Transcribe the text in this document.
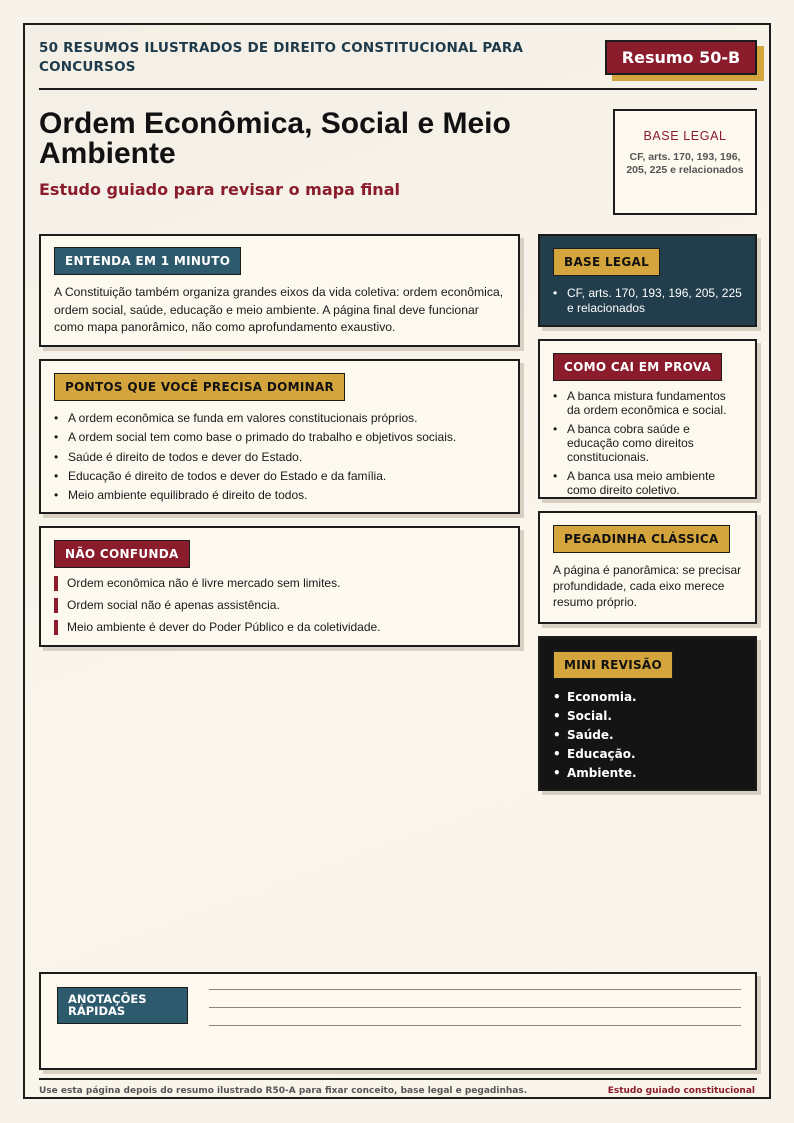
50 RESUMOS ILUSTRADOS DE DIREITO CONSTITUCIONAL PARA CONCURSOS	Resumo 50-B
Ordem Econômica, Social e Meio Ambiente
Estudo guiado para revisar o mapa final
BASE LEGAL
CF, arts. 170, 193, 196, 205, 225 e relacionados
ENTENDA EM 1 MINUTO

A Constituição também organiza grandes eixos da vida coletiva: ordem econômica, ordem social, saúde, educação e meio ambiente. A página final deve funcionar como mapa panorâmico, não como aprofundamento exaustivo.

PONTOS QUE VOCÊ PRECISA DOMINAR
• A ordem econômica se funda em valores constitucionais próprios.
• A ordem social tem como base o primado do trabalho e objetivos sociais.
• Saúde é direito de todos e dever do Estado.
• Educação é direito de todos e dever do Estado e da família.
• Meio ambiente equilibrado é direito de todos.
NÃO CONFUNDA
Ordem econômica não é livre mercado sem limites.
Ordem social não é apenas assistência.
Meio ambiente é dever do Poder Público e da coletividade.
BASE LEGAL
• CF, arts. 170, 193, 196, 205, 225 e relacionados
COMO CAI EM PROVA
• A banca mistura fundamentos da ordem econômica e social.
• A banca cobra saúde e educação como direitos constitucionais.
• A banca usa meio ambiente como direito coletivo.
PEGADINHA CLÁSSICA

A página é panorâmica: se precisar profundidade, cada eixo merece resumo próprio.

MINI REVISÃO
• Economia.
• Social.
• Saúde.
• Educação.
• Ambiente.
ANOTAÇÕES RÁPIDAS
Use esta página depois do resumo ilustrado R50-A para fixar conceito, base legal e pegadinhas.	Estudo guiado constitucional
